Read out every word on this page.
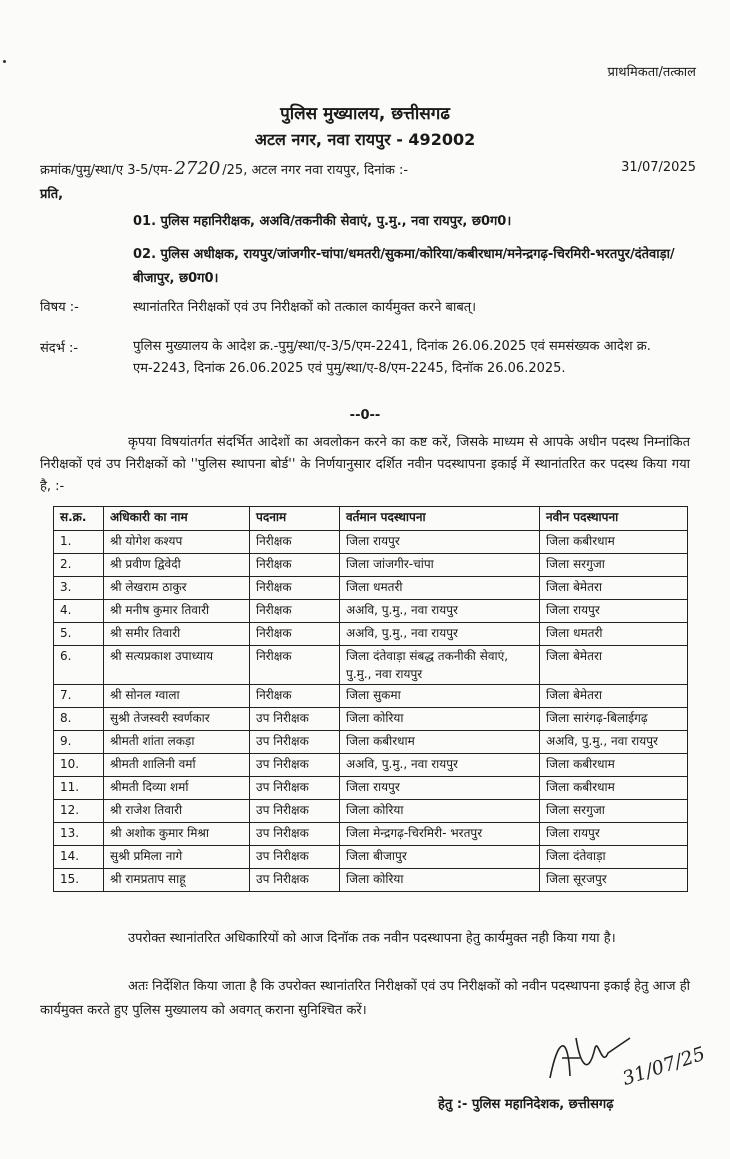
प्राथमिकता/तत्काल
पुलिस मुख्यालय, छत्तीसगढ
अटल नगर, नवा रायपुर - 492002
क्रमांक/पुमु/स्था/ए 3-5/एम- 2720 /25, अटल नगर नवा रायपुर, दिनांक :-	31/07/2025
प्रति,
01. पुलिस महानिरीक्षक, अअवि/तकनीकी सेवाएं, पु.मु., नवा रायपुर, छ0ग0।
02. पुलिस अधीक्षक, रायपुर/जांजगीर-चांपा/धमतरी/सुकमा/कोरिया/कबीरधाम/मनेन्द्रगढ़-चिरमिरी-भरतपुर/दंतेवाड़ा/बीजापुर, छ0ग0।
विषय :-	स्थानांतरित निरीक्षकों एवं उप निरीक्षकों को तत्काल कार्यमुक्त करने बाबत्।
संदर्भ :-	पुलिस मुख्यालय के आदेश क्र.-पुमु/स्था/ए-3/5/एम-2241, दिनांक 26.06.2025 एवं समसंख्यक आदेश क्र. एम-2243, दिनांक 26.06.2025 एवं पुमु/स्था/ए-8/एम-2245, दिनॉक 26.06.2025.
--0--
कृपया विषयांतर्गत संदर्भित आदेशों का अवलोकन करने का कष्ट करें, जिसके माध्यम से आपके अधीन पदस्थ निम्नांकित निरीक्षकों एवं उप निरीक्षकों को ''पुलिस स्थापना बोर्ड'' के निर्णयानुसार दर्शित नवीन पदस्थापना इकाई में स्थानांतरित कर पदस्थ किया गया है, :-
स.क्र.	अधिकारी का नाम	पदनाम	वर्तमान पदस्थापना	नवीन पदस्थापना
1.	श्री योगेश कश्यप	निरीक्षक	जिला रायपुर	जिला कबीरधाम
2.	श्री प्रवीण द्विवेदी	निरीक्षक	जिला जांजगीर-चांपा	जिला सरगुजा
3.	श्री लेखराम ठाकुर	निरीक्षक	जिला धमतरी	जिला बेमेतरा
4.	श्री मनीष कुमार तिवारी	निरीक्षक	अअवि, पु.मु., नवा रायपुर	जिला रायपुर
5.	श्री समीर तिवारी	निरीक्षक	अअवि, पु.मु., नवा रायपुर	जिला धमतरी
6.	श्री सत्यप्रकाश उपाध्याय	निरीक्षक	जिला दंतेवाड़ा संबद्ध तकनीकी सेवाएं, पु.मु., नवा रायपुर	जिला बेमेतरा
7.	श्री सोनल ग्वाला	निरीक्षक	जिला सुकमा	जिला बेमेतरा
8.	सुश्री तेजस्वरी स्वर्णकार	उप निरीक्षक	जिला कोरिया	जिला सारंगढ़-बिलाईगढ़
9.	श्रीमती शांता लकड़ा	उप निरीक्षक	जिला कबीरधाम	अअवि, पु.मु., नवा रायपुर
10.	श्रीमती शालिनी वर्मा	उप निरीक्षक	अअवि, पु.मु., नवा रायपुर	जिला कबीरधाम
11.	श्रीमती दिव्या शर्मा	उप निरीक्षक	जिला रायपुर	जिला कबीरधाम
12.	श्री राजेश तिवारी	उप निरीक्षक	जिला कोरिया	जिला सरगुजा
13.	श्री अशोक कुमार मिश्रा	उप निरीक्षक	जिला मेन्द्रगढ़-चिरमिरी- भरतपुर	जिला रायपुर
14.	सुश्री प्रमिला नागे	उप निरीक्षक	जिला बीजापुर	जिला दंतेवाड़ा
15.	श्री रामप्रताप साहू	उप निरीक्षक	जिला कोरिया	जिला सूरजपुर
उपरोक्त स्थानांतरित अधिकारियों को आज दिनॉक तक नवीन पदस्थापना हेतु कार्यमुक्त नही किया गया है।
अतः निर्देशित किया जाता है कि उपरोक्त स्थानांतरित निरीक्षकों एवं उप निरीक्षकों को नवीन पदस्थापना इकाई हेतु आज ही कार्यमुक्त करते हुए पुलिस मुख्यालय को अवगत् कराना सुनिश्चित करें।
31/07/25
हेतु :- पुलिस महानिदेशक, छत्तीसगढ़
